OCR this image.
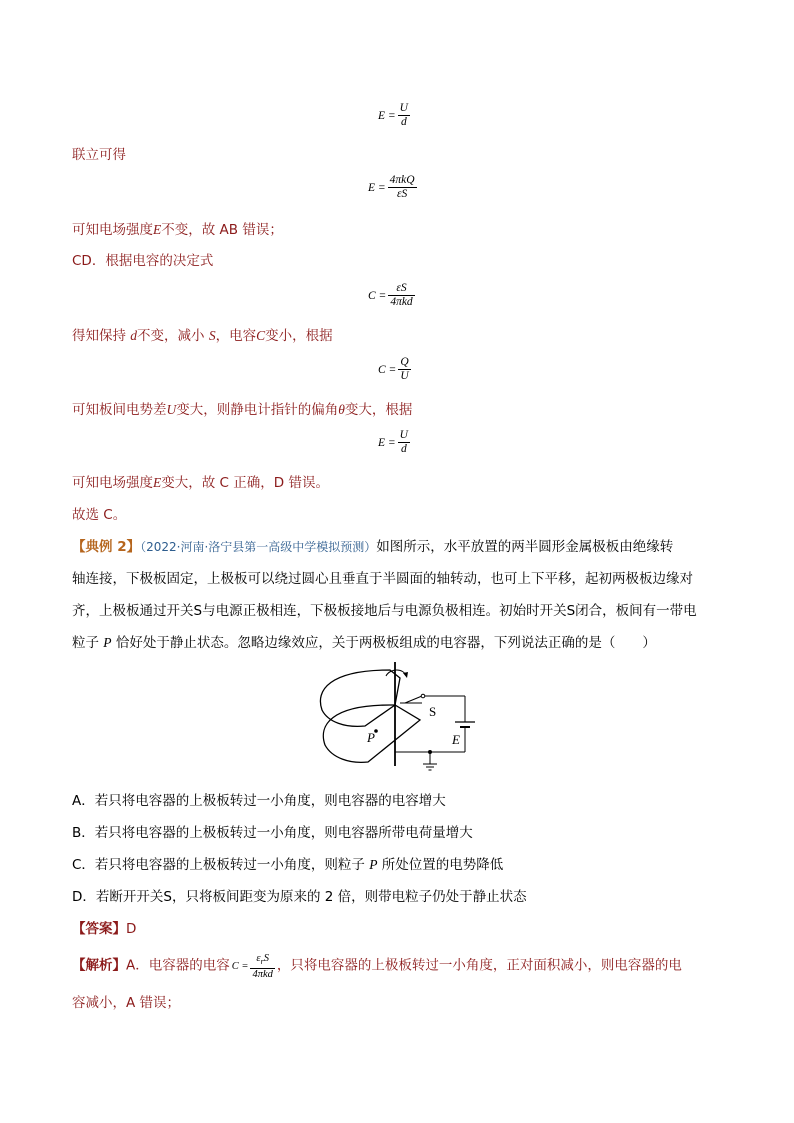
$E = \frac{U}{d}$
联立可得
$E = \frac{\text{4πkQ}}{\varepsilon S}$
可知电场强度E不变，故 AB 错误；
CD．根据电容的决定式
$C = \frac{\varepsilon S}{\text{4πkd}}$
得知保持 d不变，减小 S，电容C变小，根据
$C = \frac{Q}{U}$
可知板间电势差U变大，则静电计指针的偏角θ变大，根据
$E = \frac{U}{d}$
可知电场强度E变大，故 C 正确，D 错误。
故选 C。
【典例 2】（2022·河南·洛宁县第一高级中学模拟预测）如图所示，水平放置的两半圆形金属极板由绝缘转
轴连接，下极板固定，上极板可以绕过圆心且垂直于半圆面的轴转动，也可上下平移，起初两极板边缘对
齐，上极板通过开关S与电源正极相连，下极板接地后与电源负极相连。初始时开关S闭合，板间有一带电
粒子 P 恰好处于静止状态。忽略边缘效应，关于两极板组成的电容器，下列说法正确的是（　　）
P
S
E
A．若只将电容器的上极板转过一小角度，则电容器的电容增大
B．若只将电容器的上极板转过一小角度，则电容器所带电荷量增大
C．若只将电容器的上极板转过一小角度，则粒子 P 所处位置的电势降低
D．若断开开关S，只将板间距变为原来的 2 倍，则带电粒子仍处于静止状态
【答案】D
【解析】A．电容器的电容 $C = \frac{\varepsilon_rS}{\text{4πkd}}$ ，只将电容器的上极板转过一小角度，正对面积减小，则电容器的电
容减小，A 错误；
